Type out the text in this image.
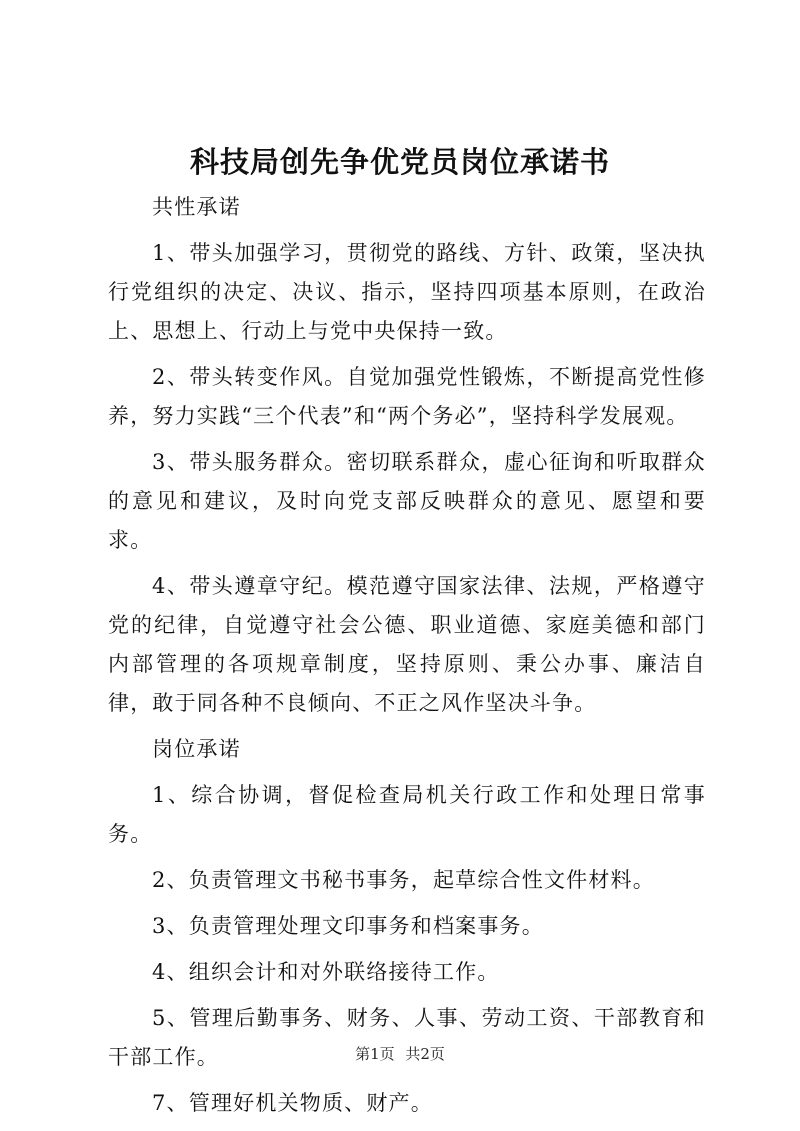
科技局创先争优党员岗位承诺书

共性承诺

1、带头加强学习，贯彻党的路线、方针、政策，坚决执行党组织的决定、决议、指示，坚持四项基本原则，在政治上、思想上、行动上与党中央保持一致。

2、带头转变作风。自觉加强党性锻炼，不断提高党性修养，努力实践“三个代表”和“两个务必”，坚持科学发展观。

3、带头服务群众。密切联系群众，虚心征询和听取群众的意见和建议，及时向党支部反映群众的意见、愿望和要求。

4、带头遵章守纪。模范遵守国家法律、法规，严格遵守党的纪律，自觉遵守社会公德、职业道德、家庭美德和部门内部管理的各项规章制度，坚持原则、秉公办事、廉洁自律，敢于同各种不良倾向、不正之风作坚决斗争。

岗位承诺

1、综合协调，督促检查局机关行政工作和处理日常事务。

2、负责管理文书秘书事务，起草综合性文件材料。

3、负责管理处理文印事务和档案事务。

4、组织会计和对外联络接待工作。

5、管理后勤事务、财务、人事、劳动工资、干部教育和干部工作。

7、管理好机关物质、财产。

第1页 共2页
